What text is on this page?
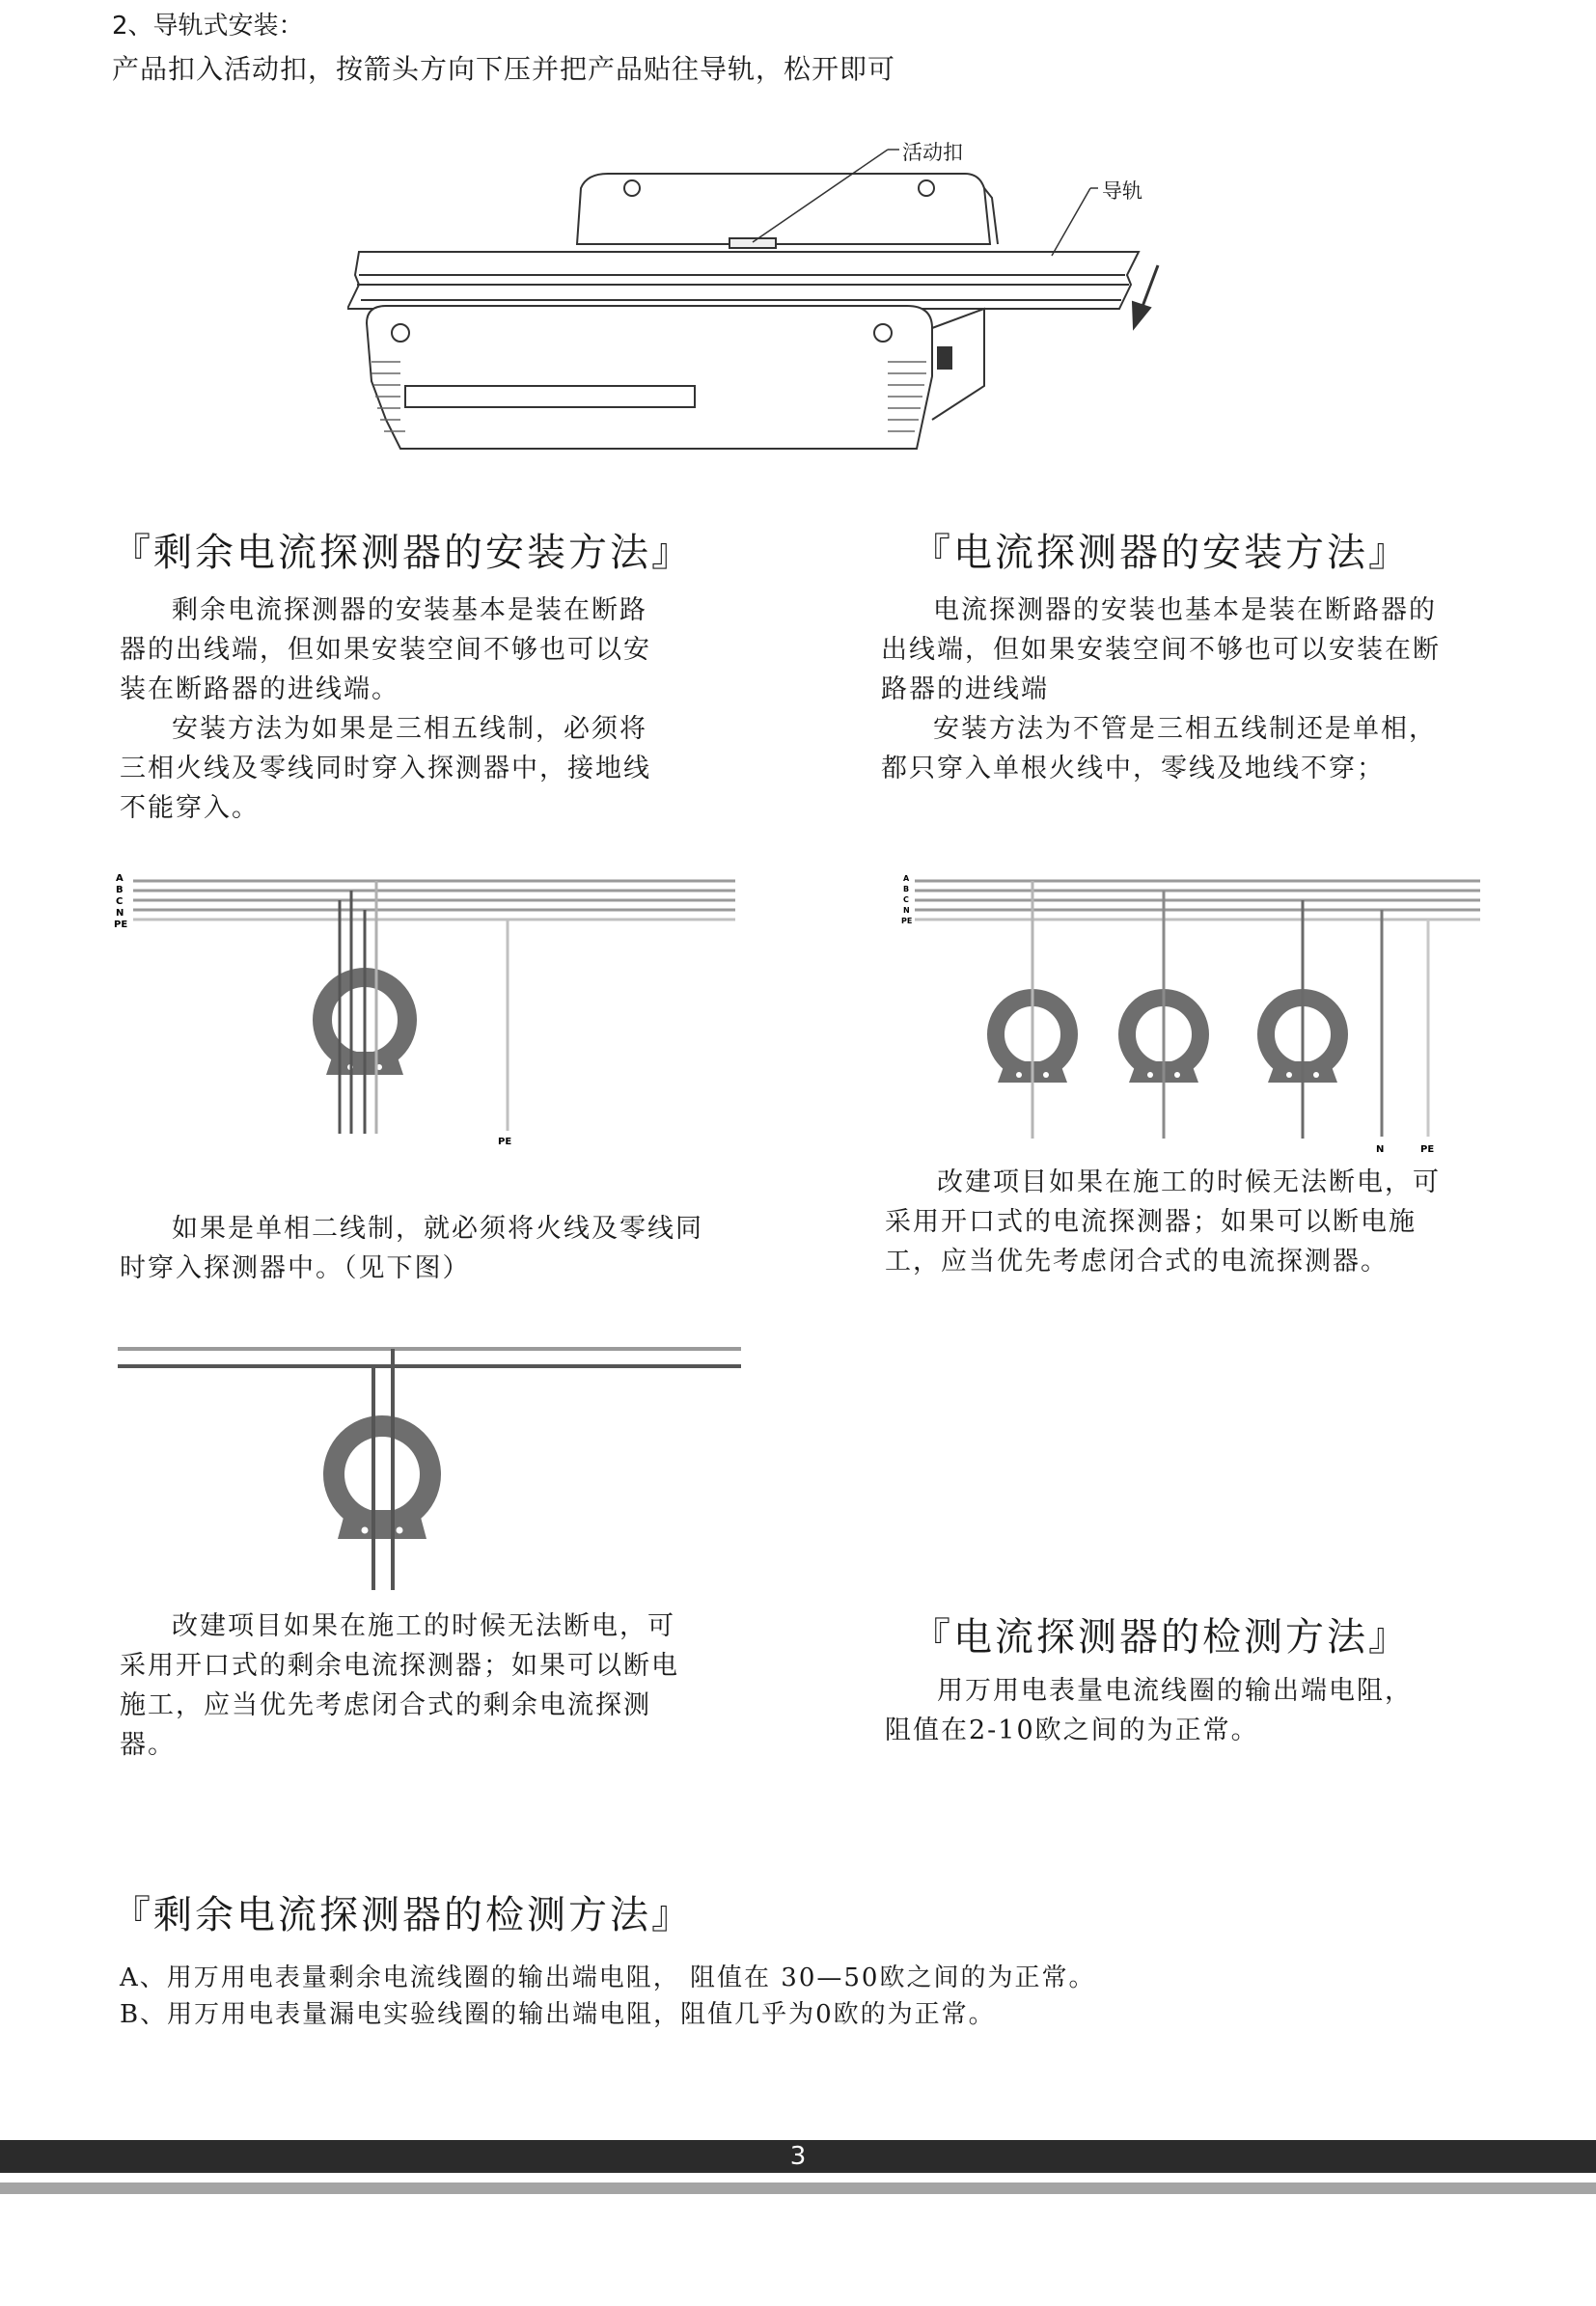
2、导轨式安装：
产品扣入活动扣，按箭头方向下压并把产品贴往导轨，松开即可
活动扣
导轨
『剩余电流探测器的安装方法』

剩余电流探测器的安装基本是装在断路器的出线端，但如果安装空间不够也可以安装在断路器的进线端。

安装方法为如果是三相五线制，必须将三相火线及零线同时穿入探测器中，接地线不能穿入。

『电流探测器的安装方法』

电流探测器的安装也基本是装在断路器的出线端，但如果安装空间不够也可以安装在断路器的进线端

安装方法为不管是三相五线制还是单相，都只穿入单根火线中，零线及地线不穿；

A
B
C
N
PE
PE
A
B
C
N
PE
N	PE

如果是单相二线制，就必须将火线及零线同时穿入探测器中。（见下图）

改建项目如果在施工的时候无法断电，可采用开口式的电流探测器；如果可以断电施工，应当优先考虑闭合式的电流探测器。

改建项目如果在施工的时候无法断电，可采用开口式的剩余电流探测器；如果可以断电施工，应当优先考虑闭合式的剩余电流探测器。

『电流探测器的检测方法』

用万用电表量电流线圈的输出端电阻，阻值在2-10欧之间的为正常。

『剩余电流探测器的检测方法』
A、用万用电表量剩余电流线圈的输出端电阻， 阻值在 30—50欧之间的为正常。
B、用万用电表量漏电实验线圈的输出端电阻，阻值几乎为0欧的为正常。
3
